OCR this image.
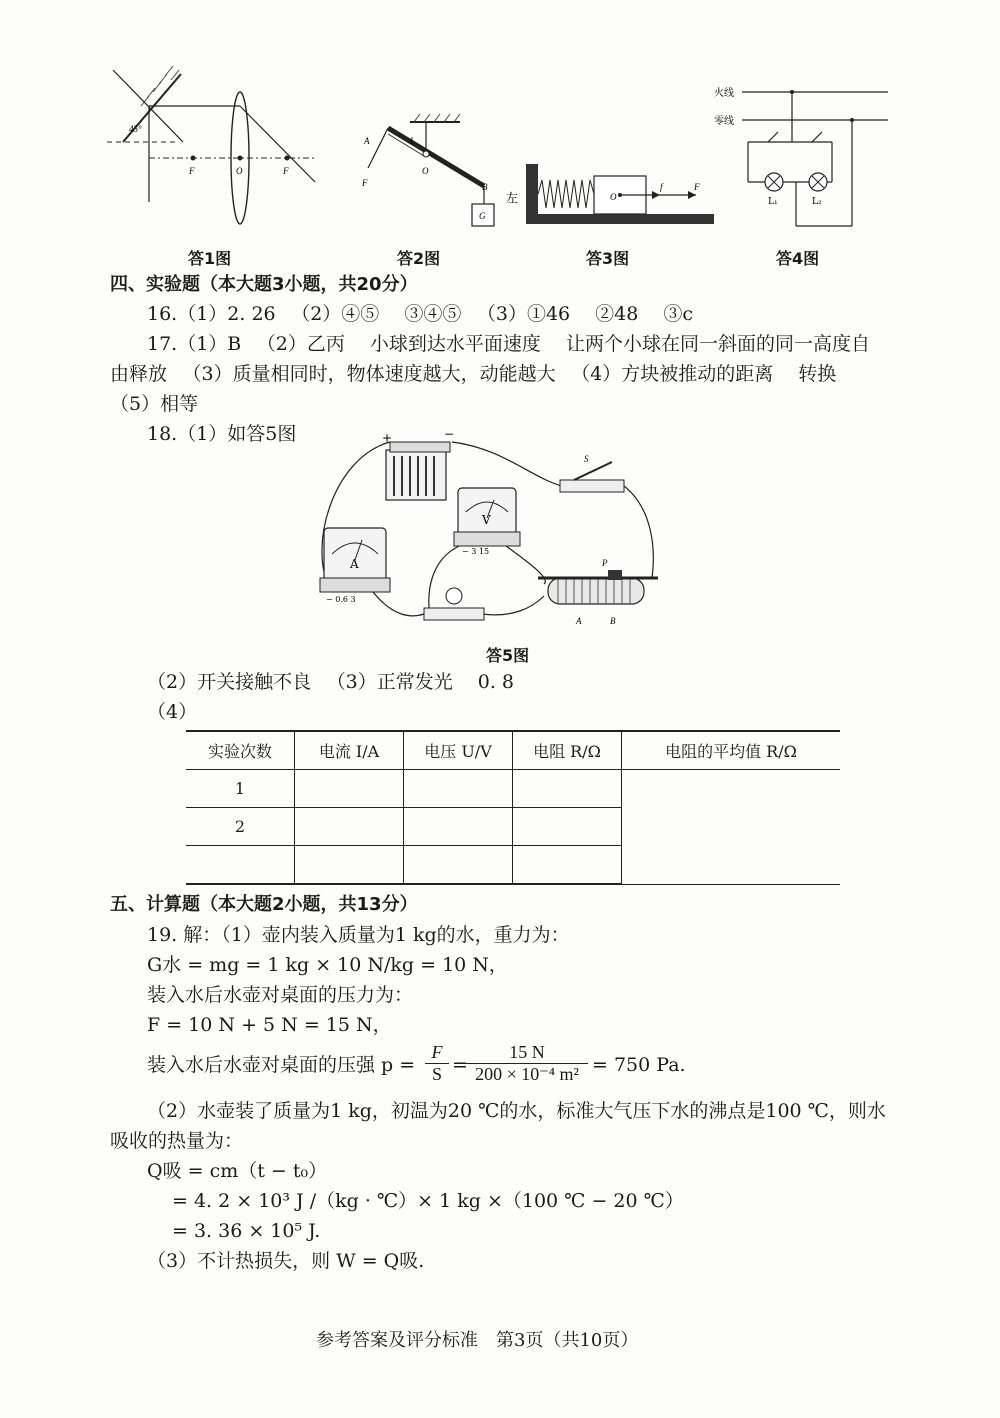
45°
F	O	F
答1图
A	L
O
F	B
G
答2图
左	O
f	F
答3图
火线
零线
L₁	L₂
答4图
四、实验题（本大题3小题，共20分）
16.（1）2. 26 　（2）④⑤ 　③④⑤ 　（3）①46 　②48 　③c
17.（1）B 　（2）乙丙 　小球到达水平面速度 　让两个小球在同一斜面的同一高度自
由释放 　（3）质量相同时，物体速度越大，动能越大 　（4）方块被推动的距离 　转换
（5）相等
18.（1）如答5图	+	−
S
V
− 3 15
A
− 0.6 3
P
A	B
答5图
（2）开关接触不良 　（3）正常发光 　0. 8
（4）
实验次数	电流 I/A	电压 U/V	电阻 R/Ω	电阻的平均值 R/Ω
1				
2				

五、计算题（本大题2小题，共13分）
19. 解：（1）壶内装入质量为1 kg的水，重力为：
G水 = mg = 1 kg × 10 N/kg = 10 N，
装入水后水壶对桌面的压力为：
F = 10 N + 5 N = 15 N，
装入水后水壶对桌面的压强 $p = \frac{F}{S}$ =
$\frac{15 N}{\text{200 × 10⁻⁴ m²}} = 750$ Pa.
（2）水壶装了质量为1 kg，初温为20 ℃的水，标准大气压下水的沸点是100 ℃，则水
吸收的热量为：
Q吸 = cm（t − t₀）
= 4. 2 × 10³ J /（kg · ℃）× 1 kg ×（100 ℃ − 20 ℃）
= 3. 36 × 10⁵ J.
（3）不计热损失，则 W = Q吸.
参考答案及评分标准　第3页（共10页）
